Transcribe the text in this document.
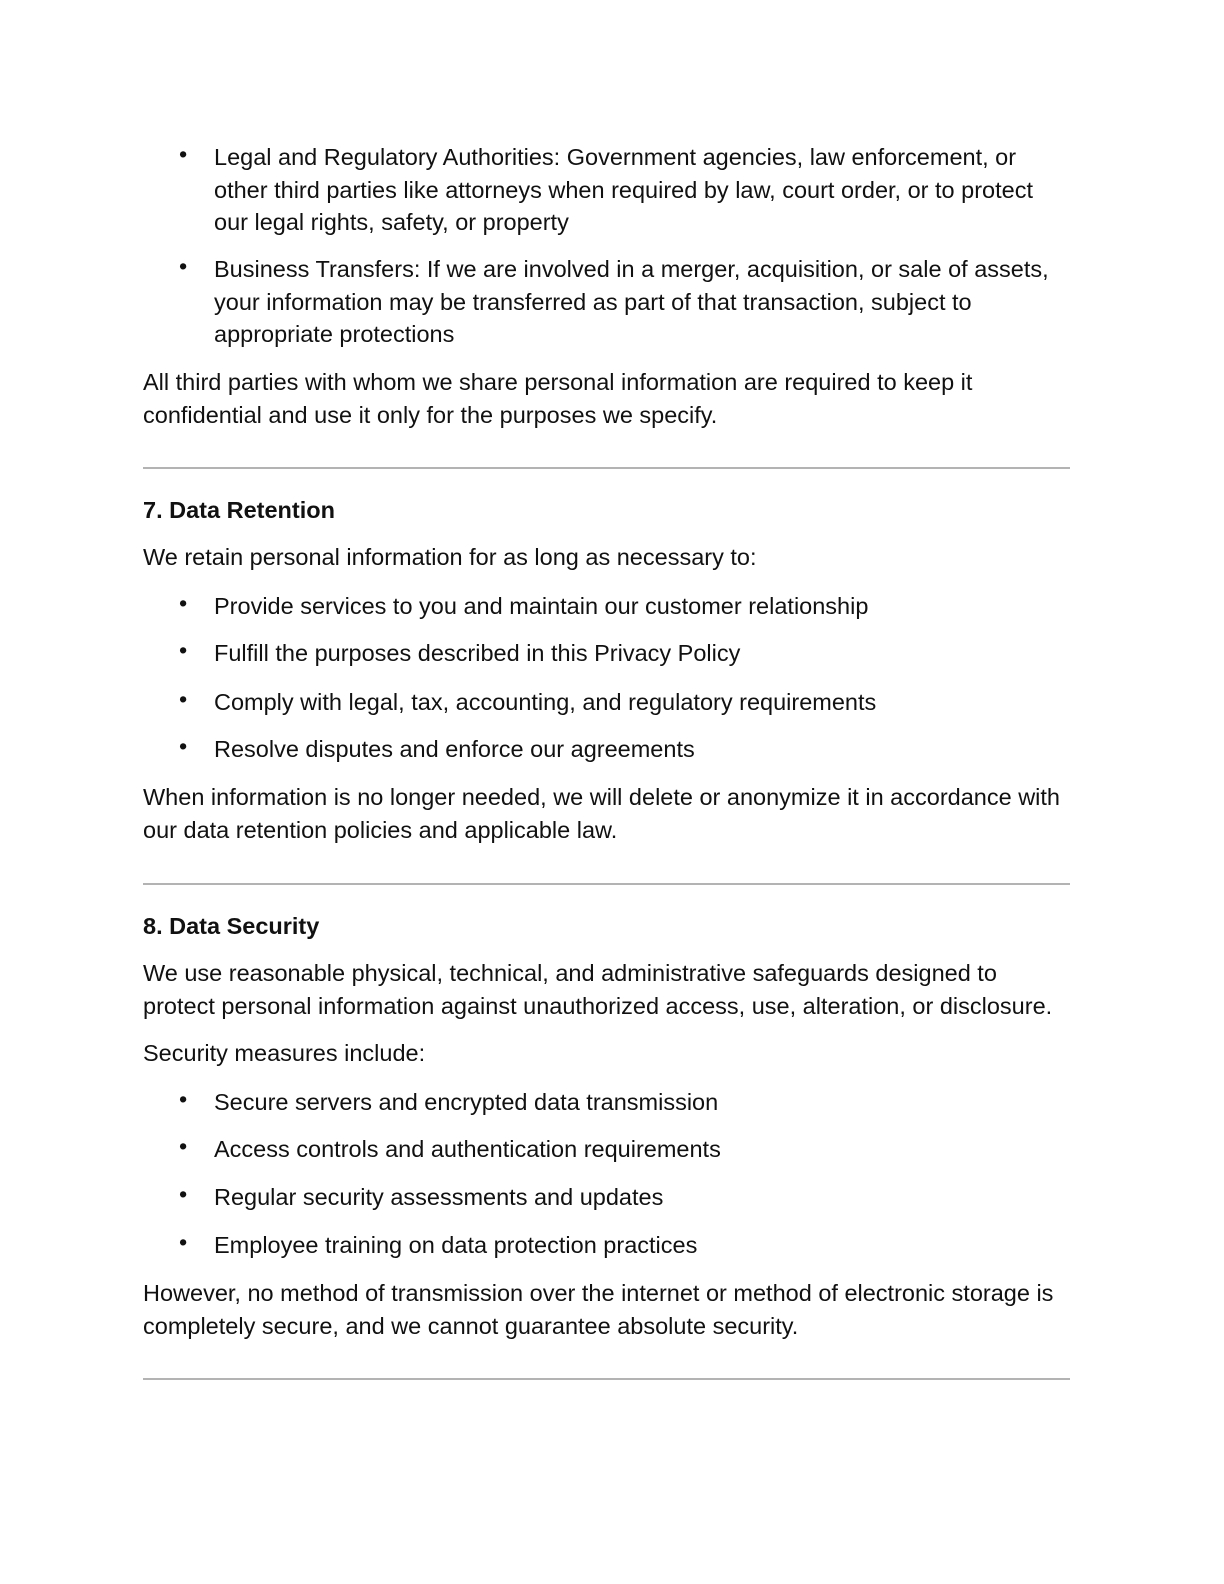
• Legal and Regulatory Authorities: Government agencies, law enforcement, or other third parties like attorneys when required by law, court order, or to protect our legal rights, safety, or property

• Business Transfers: If we are involved in a merger, acquisition, or sale of assets, your information may be transferred as part of that transaction, subject to appropriate protections

All third parties with whom we share personal information are required to keep it confidential and use it only for the purposes we specify.

7. Data Retention

We retain personal information for as long as necessary to:

• Provide services to you and maintain our customer relationship

• Fulfill the purposes described in this Privacy Policy

• Comply with legal, tax, accounting, and regulatory requirements

• Resolve disputes and enforce our agreements

When information is no longer needed, we will delete or anonymize it in accordance with our data retention policies and applicable law.

8. Data Security

We use reasonable physical, technical, and administrative safeguards designed to protect personal information against unauthorized access, use, alteration, or disclosure.

Security measures include:

• Secure servers and encrypted data transmission

• Access controls and authentication requirements

• Regular security assessments and updates

• Employee training on data protection practices

However, no method of transmission over the internet or method of electronic storage is completely secure, and we cannot guarantee absolute security.
